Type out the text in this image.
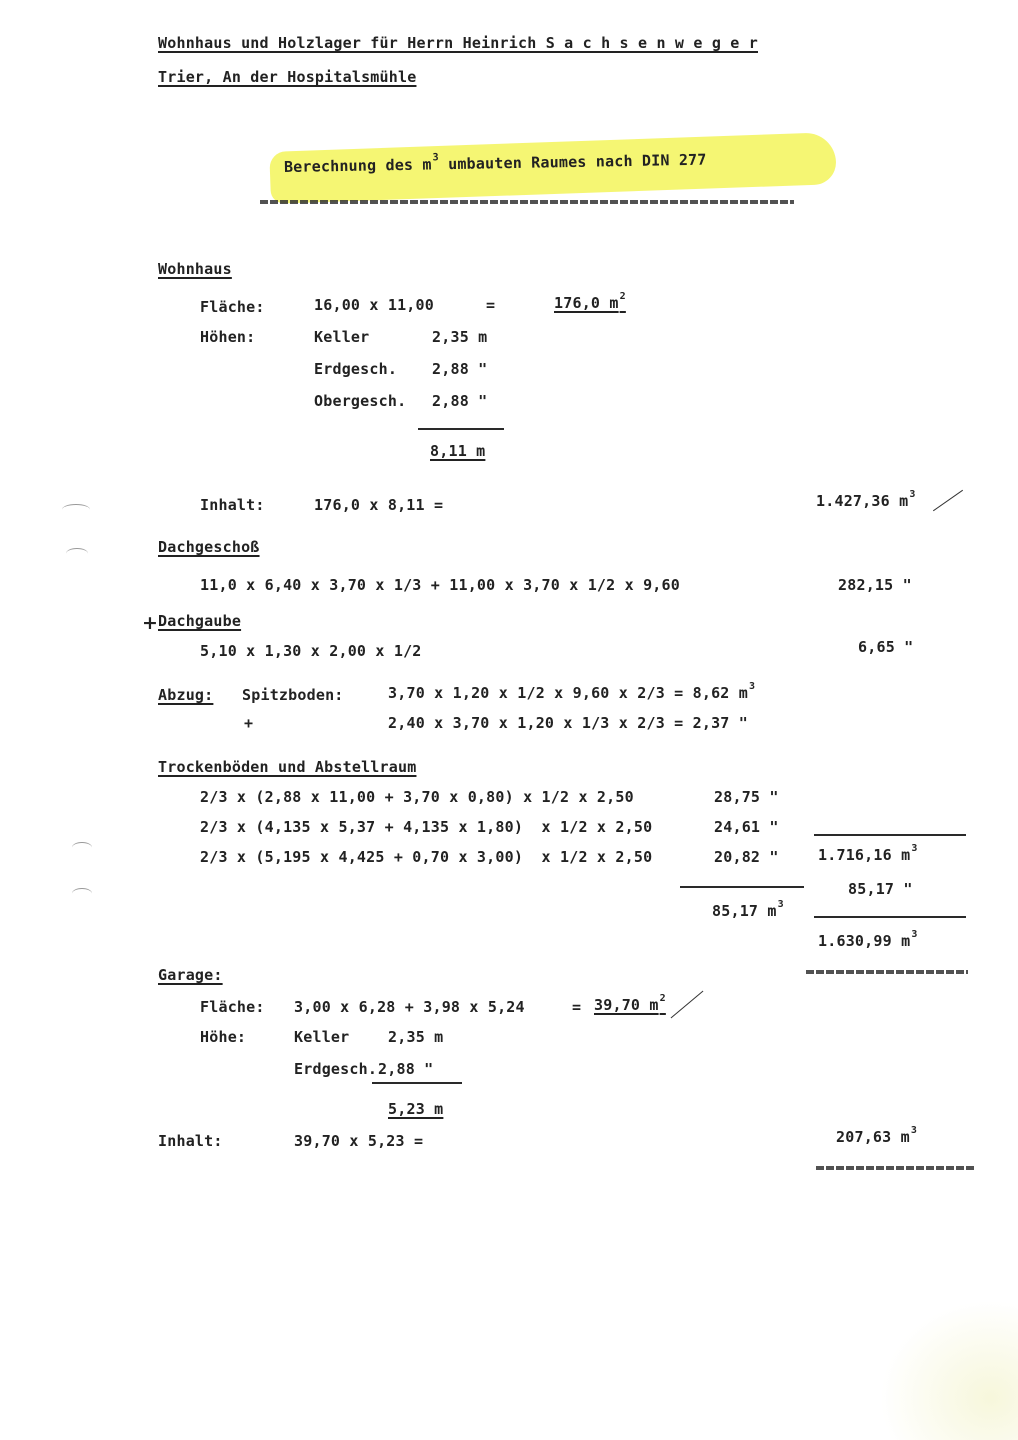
Wohnhaus und Holzlager für Herrn Heinrich S a c h s e n w e g e r
Trier, An der Hospitalsmühle
Berechnung des $m^3$ umbauten Raumes nach DIN 277
Wohnhaus
Fläche:	16,00 x 11,00	=	176,0 $m^2$
Höhen:	Keller	2,35 m
Erdgesch. 2,88 "
Obergesch. 2,88 "
8,11 m
Inhalt:	176,0 x 8,11 =	1.427,36 $m^3$
Dachgeschoß
11,0 x 6,40 x 3,70 x 1/3 + 11,00 x 3,70 x 1/2 x 9,60	282,15 "
+ Dachgaube
5,10 x 1,30 x 2,00 x 1/2	6,65 "
Abzug: Spitzboden:	3,70 x 1,20 x 1/2 x 9,60 x 2/3 = 8,62 $m^3$
+	2,40 x 3,70 x 1,20 x 1/3 x 2/3 = 2,37 "
Trockenböden und Abstellraum
2/3 x (2,88 x 11,00 + 3,70 x 0,80) x 1/2 x 2,50	28,75 "
2/3 x (4,135 x 5,37 + 4,135 x 1,80)  x 1/2 x 2,50	24,61 "
2/3 x (5,195 x 4,425 + 0,70 x 3,00)  x 1/2 x 2,50	20,82 "	1.716,16 $m^3$
85,17 "
85,17 $m^3$
1.630,99 $m^3$
Garage:
Fläche: 3,00 x 6,28 + 3,98 x 5,24	= 39,70 $m^2$
Höhe:	Keller	2,35 m
Erdgesch. 2,88 "
5,23 m
Inhalt:	39,70 x 5,23 =	207,63 $m^3$
